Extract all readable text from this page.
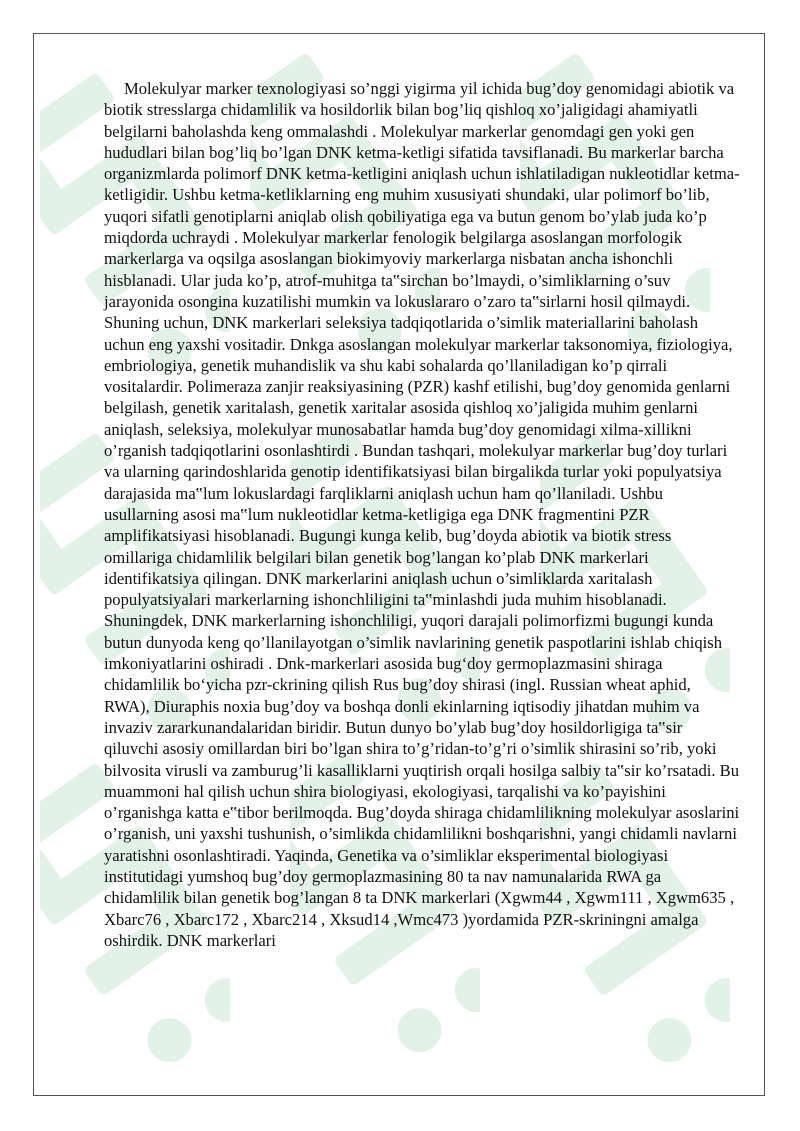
Molekulyar marker texnologiyasi so’nggi yigirma yil ichida bug’doy genomidagi abiotik va biotik stresslarga chidamlilik va hosildorlik bilan bog’liq qishloq xo’jaligidagi ahamiyatli belgilarni baholashda keng ommalashdi . Molekulyar markerlar genomdagi gen yoki gen hududlari bilan bog’liq bo’lgan DNK ketma-ketligi sifatida tavsiflanadi. Bu markerlar barcha organizmlarda polimorf DNK ketma-ketligini aniqlash uchun ishlatiladigan nukleotidlar ketma-ketligidir. Ushbu ketma-ketliklarning eng muhim xususiyati shundaki, ular polimorf bo’lib, yuqori sifatli genotiplarni aniqlab olish qobiliyatiga ega va butun genom bo’ylab juda ko’p miqdorda uchraydi . Molekulyar markerlar fenologik belgilarga asoslangan morfologik markerlarga va oqsilga asoslangan biokimyoviy markerlarga nisbatan ancha ishonchli hisblanadi. Ular juda ko’p, atrof-muhitga ta‟sirchan bo’lmaydi, o’simliklarning o’suv jarayonida osongina kuzatilishi mumkin va lokuslararo o’zaro ta‟sirlarni hosil qilmaydi. Shuning uchun, DNK markerlari seleksiya tadqiqotlarida o’simlik materiallarini baholash uchun eng yaxshi vositadir. Dnkga asoslangan molekulyar markerlar taksonomiya, fiziologiya, embriologiya, genetik muhandislik va shu kabi sohalarda qo’llaniladigan ko’p qirrali vositalardir. Polimeraza zanjir reaksiyasining (PZR) kashf etilishi, bug’doy genomida genlarni belgilash, genetik xaritalash, genetik xaritalar asosida qishloq xo’jaligida muhim genlarni aniqlash, seleksiya, molekulyar munosabatlar hamda bug’doy genomidagi xilma-xillikni o’rganish tadqiqotlarini osonlashtirdi . Bundan tashqari, molekulyar markerlar bug’doy turlari va ularning qarindoshlarida genotip identifikatsiyasi bilan birgalikda turlar yoki populyatsiya darajasida ma‟lum lokuslardagi farqliklarni aniqlash uchun ham qo’llaniladi. Ushbu usullarning asosi ma‟lum nukleotidlar ketma-ketligiga ega DNK fragmentini PZR amplifikatsiyasi hisoblanadi. Bugungi kunga kelib, bug’doyda abiotik va biotik stress omillariga chidamlilik belgilari bilan genetik bog’langan ko’plab DNK markerlari identifikatsiya qilingan. DNK markerlarini aniqlash uchun o’simliklarda xaritalash populyatsiyalari markerlarning ishonchliligini ta‟minlashdi juda muhim hisoblanadi. Shuningdek, DNK markerlarning ishonchliligi, yuqori darajali polimorfizmi bugungi kunda butun dunyoda keng qo’llanilayotgan o’simlik navlarining genetik paspotlarini ishlab chiqish imkoniyatlarini oshiradi . Dnk-markerlari asosida bug‘doy germoplazmasini shiraga chidamlilik bo‘yicha pzr-ckrining qilish Rus bug’doy shirasi (ingl. Russian wheat aphid, RWA), Diuraphis noxia bug’doy va boshqa donli ekinlarning iqtisodiy jihatdan muhim va invaziv zararkunandalaridan biridir. Butun dunyo bo’ylab bug’doy hosildorligiga ta‟sir qiluvchi asosiy omillardan biri bo’lgan shira to’g’ridan-to’g’ri o’simlik shirasini so’rib, yoki bilvosita virusli va zamburug’li kasalliklarni yuqtirish orqali hosilga salbiy ta‟sir ko’rsatadi. Bu muammoni hal qilish uchun shira biologiyasi, ekologiyasi, tarqalishi va ko’payishini o’rganishga katta e‟tibor berilmoqda. Bug’doyda shiraga chidamlilikning molekulyar asoslarini o’rganish, uni yaxshi tushunish, o’simlikda chidamlilikni boshqarishni, yangi chidamli navlarni yaratishni osonlashtiradi. Yaqinda, Genetika va o’simliklar eksperimental biologiyasi institutidagi yumshoq bug’doy germoplazmasining 80 ta nav namunalarida RWA ga chidamlilik bilan genetik bog’langan 8 ta DNK markerlari (Xgwm44 , Xgwm111 , Xgwm635 , Xbarc76 , Xbarc172 , Xbarc214 , Xksud14 ,Wmc473 )yordamida PZR-skriningni amalga oshirdik. DNK markerlari
